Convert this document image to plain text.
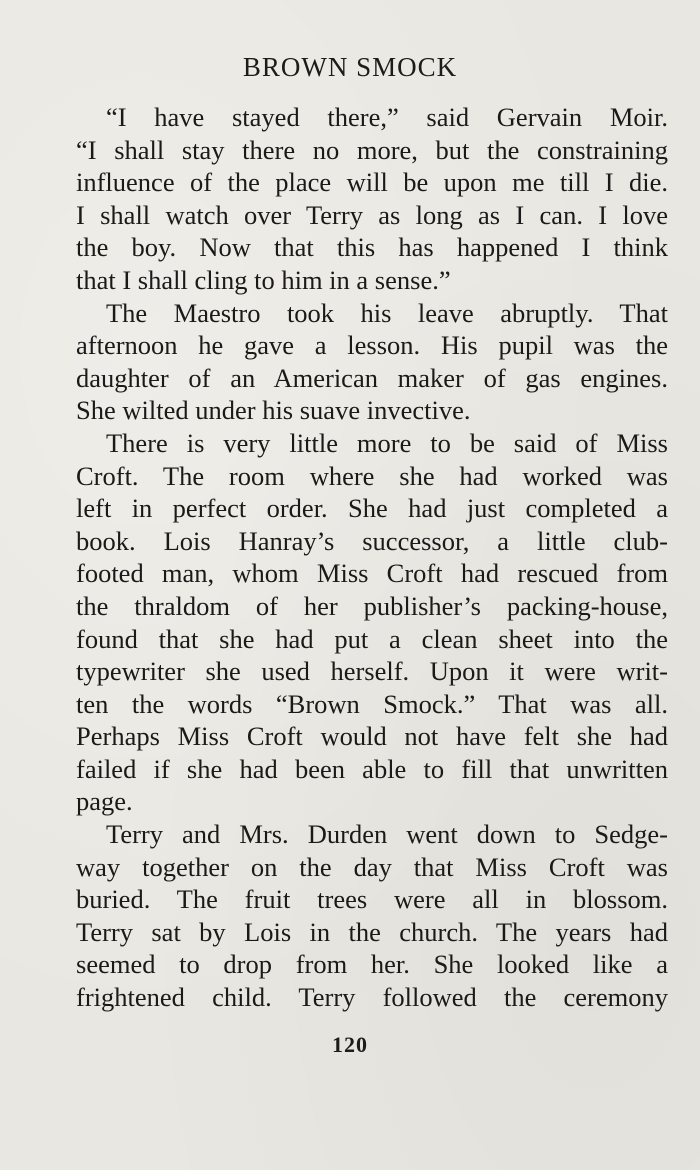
BROWN SMOCK

“I have stayed there,” said Gervain Moir.
“I shall stay there no more, but the constraining
influence of the place will be upon me till I die.
I shall watch over Terry as long as I can. I love
the boy. Now that this has happened I think
that I shall cling to him in a sense.”

The Maestro took his leave abruptly. That
afternoon he gave a lesson. His pupil was the
daughter of an American maker of gas engines.
She wilted under his suave invective.

There is very little more to be said of Miss
Croft. The room where she had worked was
left in perfect order. She had just completed a
book. Lois Hanray’s successor, a little club-
footed man, whom Miss Croft had rescued from
the thraldom of her publisher’s packing-house,
found that she had put a clean sheet into the
typewriter she used herself. Upon it were writ-
ten the words “Brown Smock.” That was all.
Perhaps Miss Croft would not have felt she had
failed if she had been able to fill that unwritten
page.

Terry and Mrs. Durden went down to Sedge-
way together on the day that Miss Croft was
buried. The fruit trees were all in blossom.
Terry sat by Lois in the church. The years had
seemed to drop from her. She looked like a
frightened child. Terry followed the ceremony

120
